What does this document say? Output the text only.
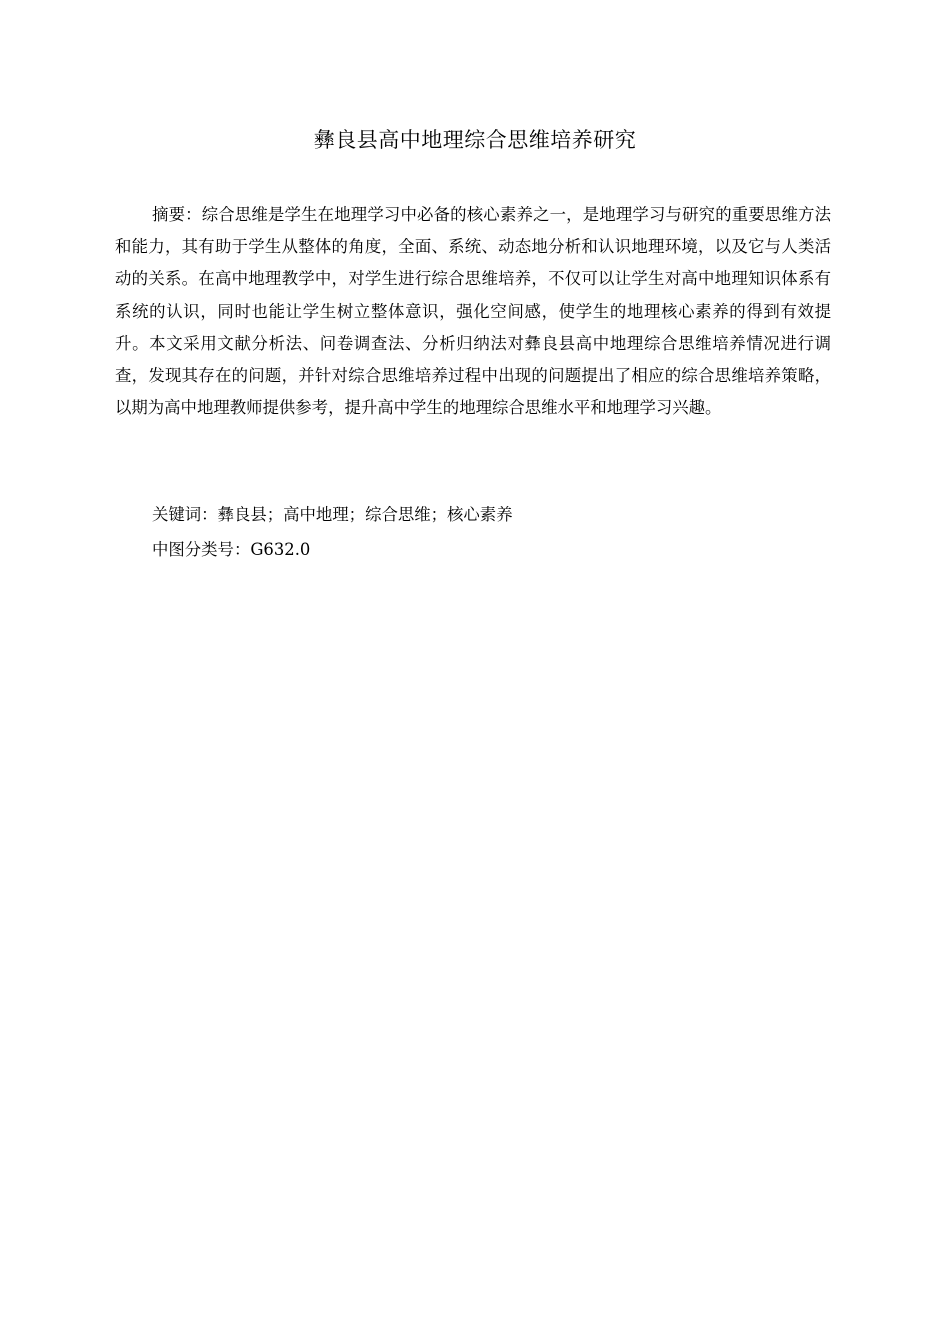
彝良县高中地理综合思维培养研究

摘要：综合思维是学生在地理学习中必备的核心素养之一，是地理学习与研究的重要思维方法和能力，其有助于学生从整体的角度，全面、系统、动态地分析和认识地理环境，以及它与人类活动的关系。在高中地理教学中，对学生进行综合思维培养，不仅可以让学生对高中地理知识体系有系统的认识，同时也能让学生树立整体意识，强化空间感，使学生的地理核心素养的得到有效提升。本文采用文献分析法、问卷调查法、分析归纳法对彝良县高中地理综合思维培养情况进行调查，发现其存在的问题，并针对综合思维培养过程中出现的问题提出了相应的综合思维培养策略，以期为高中地理教师提供参考，提升高中学生的地理综合思维水平和地理学习兴趣。

关键词：彝良县；高中地理；综合思维；核心素养

中图分类号：G632.0
